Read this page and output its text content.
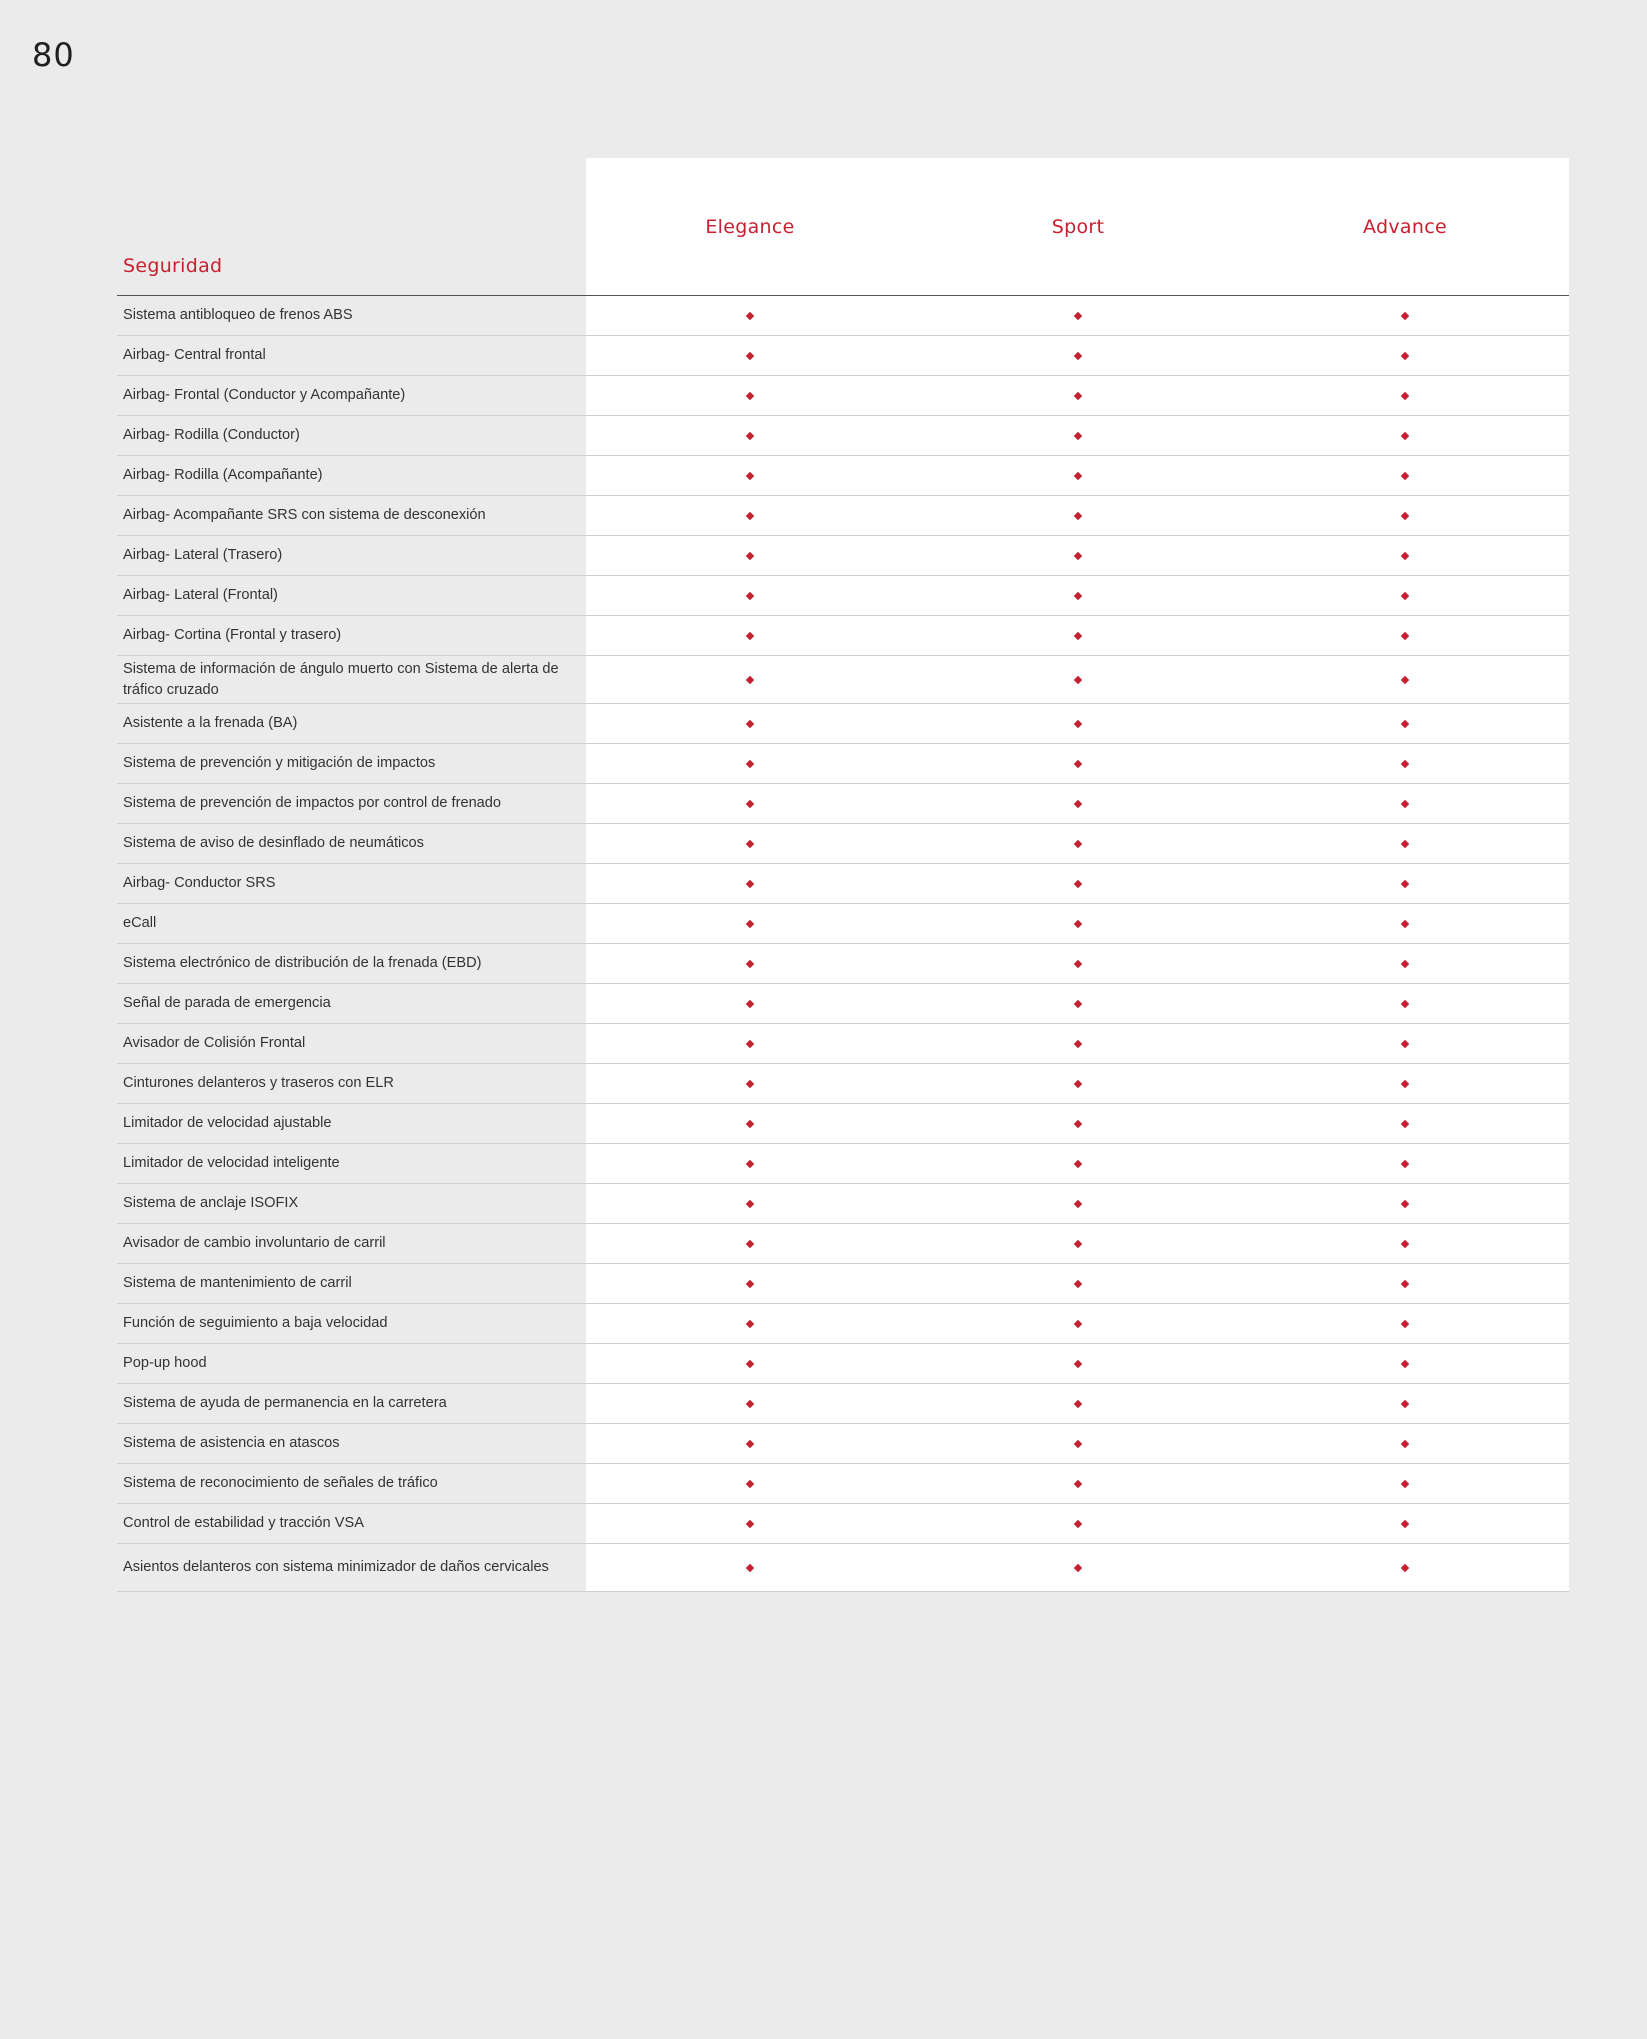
80
Seguridad
Elegance	Sport	Advance
Sistema antibloqueo de frenos ABS
Airbag- Central frontal
Airbag- Frontal (Conductor y Acompañante)
Airbag- Rodilla (Conductor)
Airbag- Rodilla (Acompañante)
Airbag- Acompañante SRS con sistema de desconexión
Airbag- Lateral (Trasero)
Airbag- Lateral (Frontal)
Airbag- Cortina (Frontal y trasero)
Sistema de información de ángulo muerto con Sistema de alerta de tráfico cruzado
Asistente a la frenada (BA)
Sistema de prevención y mitigación de impactos
Sistema de prevención de impactos por control de frenado
Sistema de aviso de desinflado de neumáticos
Airbag- Conductor SRS
eCall
Sistema electrónico de distribución de la frenada (EBD)
Señal de parada de emergencia
Avisador de Colisión Frontal
Cinturones delanteros y traseros con ELR
Limitador de velocidad ajustable
Limitador de velocidad inteligente
Sistema de anclaje ISOFIX
Avisador de cambio involuntario de carril
Sistema de mantenimiento de carril
Función de seguimiento a baja velocidad
Pop-up hood
Sistema de ayuda de permanencia en la carretera
Sistema de asistencia en atascos
Sistema de reconocimiento de señales de tráfico
Control de estabilidad y tracción VSA
Asientos delanteros con sistema minimizador de daños cervicales
